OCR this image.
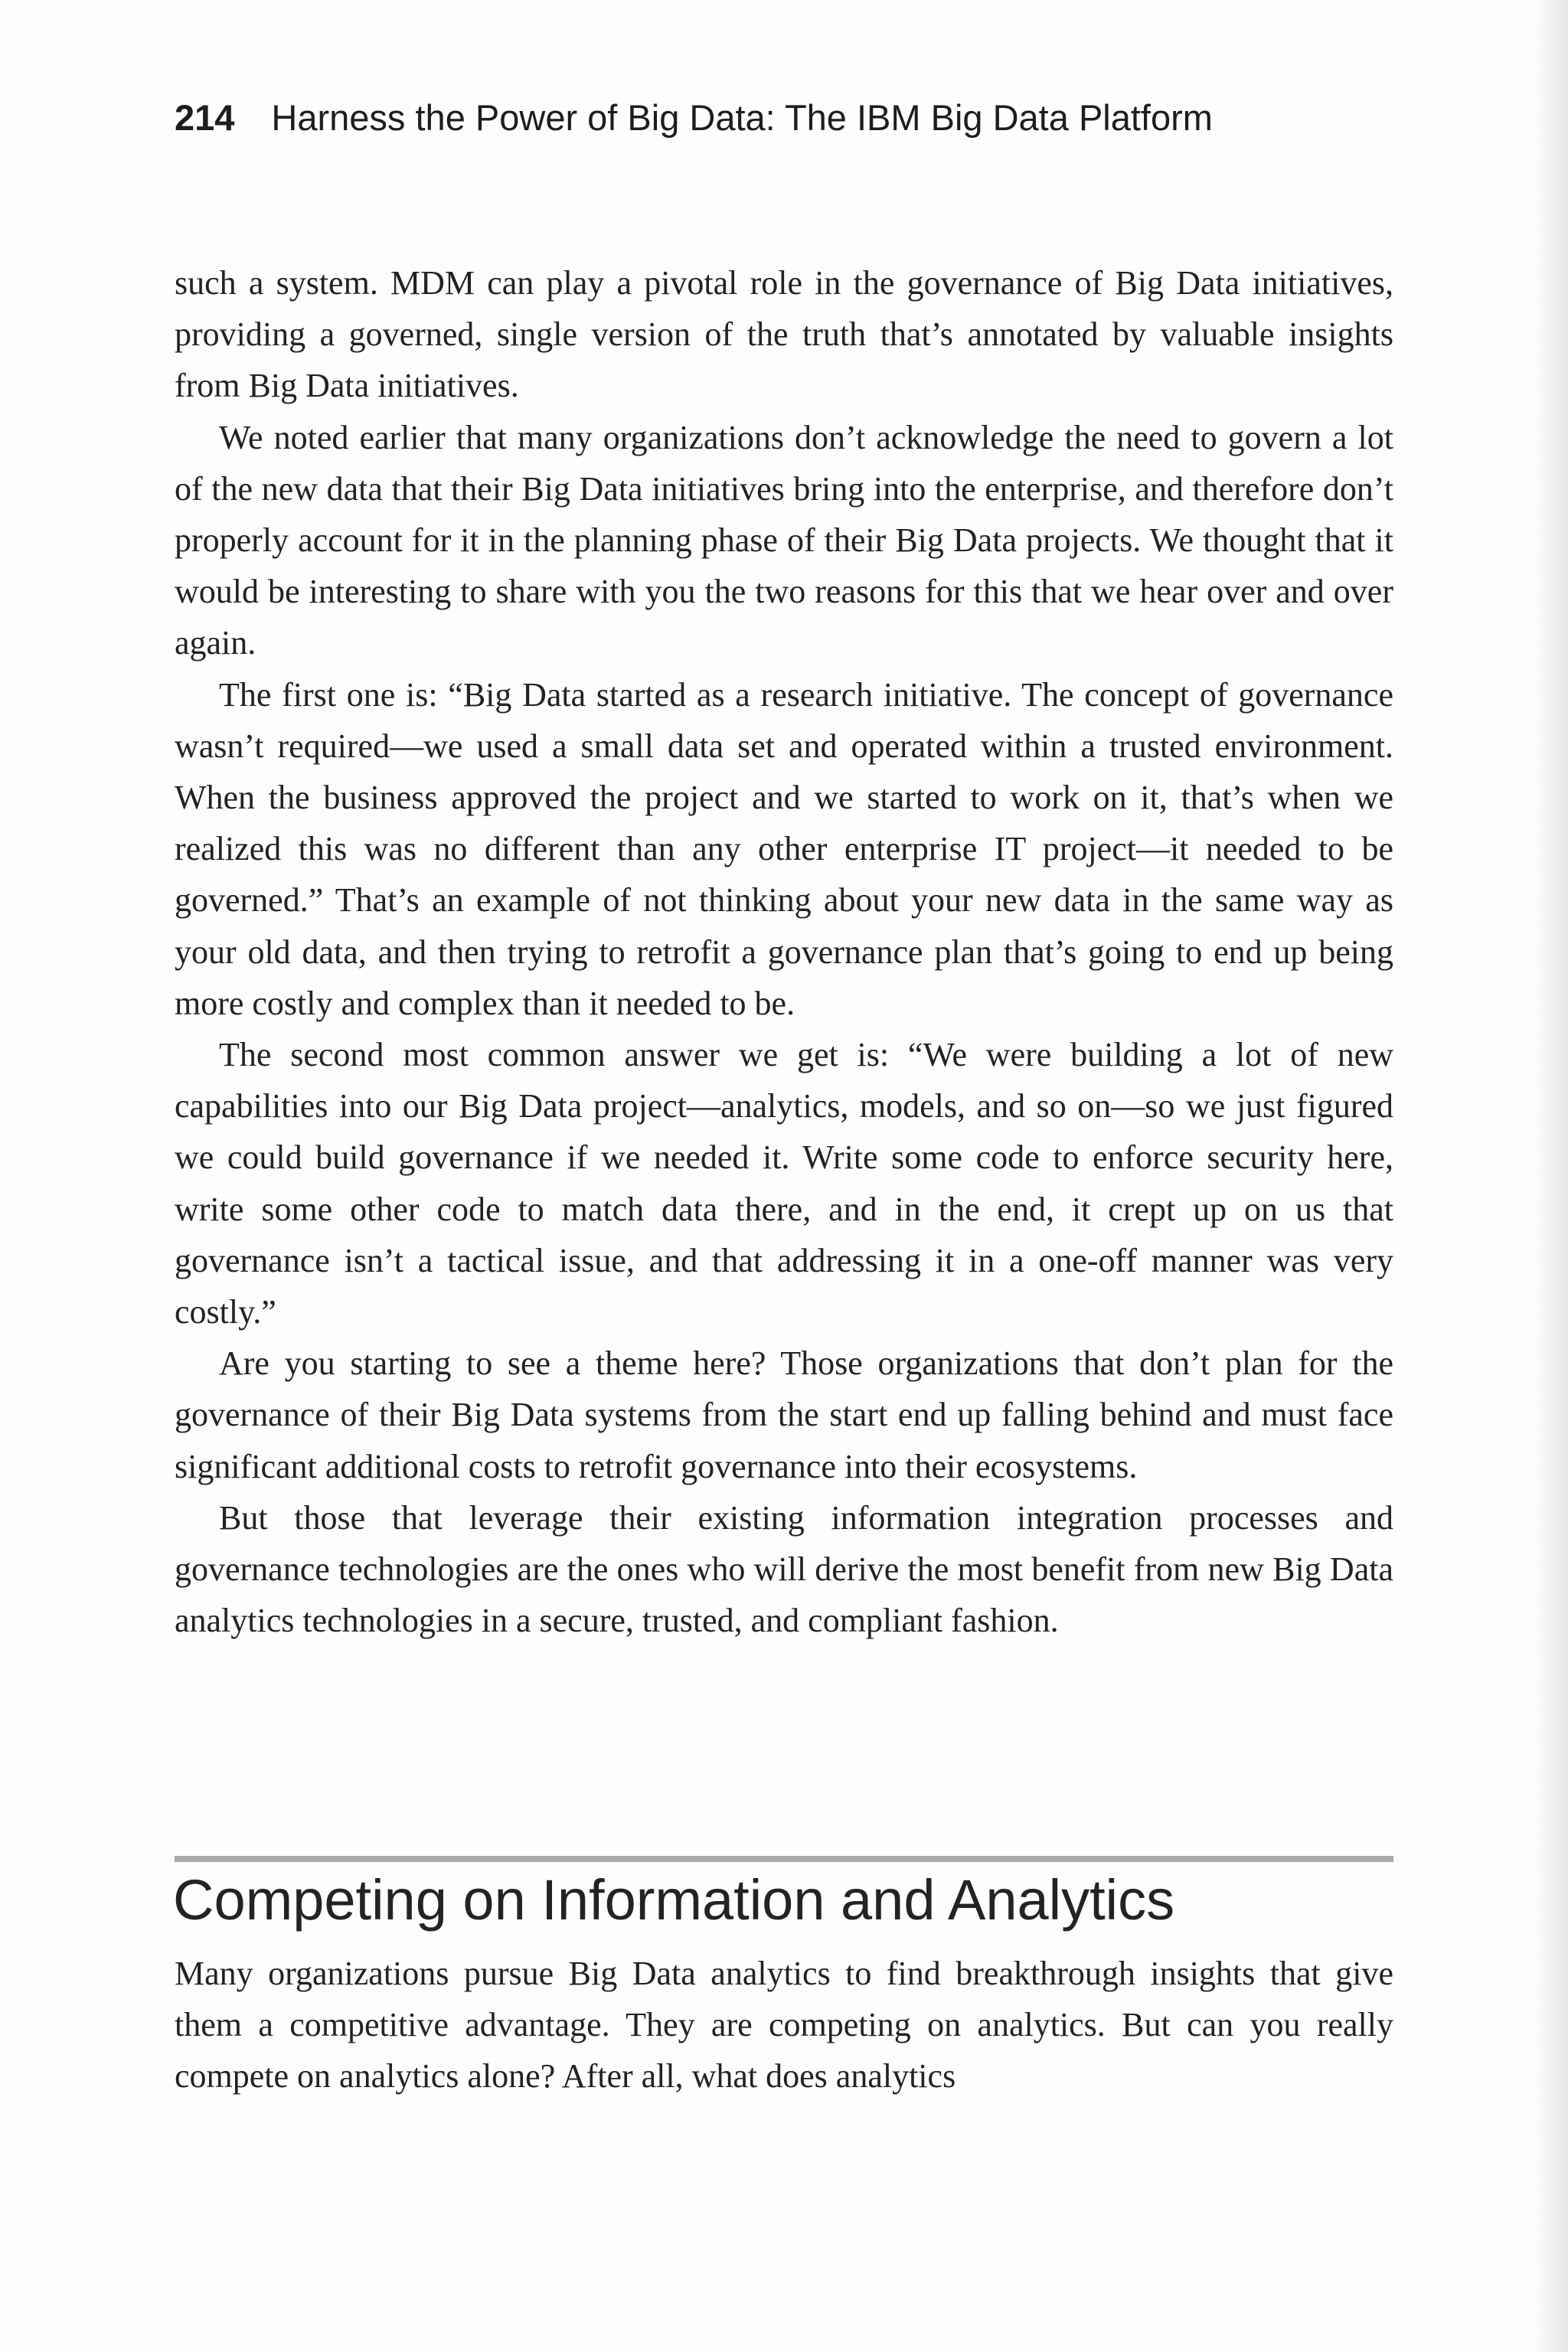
214 Harness the Power of Big Data: The IBM Big Data Platform

such a system. MDM can play a pivotal role in the governance of Big Data initiatives, providing a governed, single version of the truth that’s annotated by valuable insights from Big Data initiatives.

We noted earlier that many organizations don’t acknowledge the need to govern a lot of the new data that their Big Data initiatives bring into the enterprise, and therefore don’t properly account for it in the planning phase of their Big Data projects. We thought that it would be interesting to share with you the two reasons for this that we hear over and over again.

The first one is: “Big Data started as a research initiative. The concept of governance wasn’t required—we used a small data set and operated within a trusted environment. When the business approved the project and we started to work on it, that’s when we realized this was no different than any other enterprise IT project—it needed to be governed.” That’s an example of not thinking about your new data in the same way as your old data, and then trying to retrofit a governance plan that’s going to end up being more costly and complex than it needed to be.

The second most common answer we get is: “We were building a lot of new capabilities into our Big Data project—analytics, models, and so on—so we just figured we could build governance if we needed it. Write some code to enforce security here, write some other code to match data there, and in the end, it crept up on us that governance isn’t a tactical issue, and that addressing it in a one-off manner was very costly.”

Are you starting to see a theme here? Those organizations that don’t plan for the governance of their Big Data systems from the start end up falling behind and must face significant additional costs to retrofit governance into their ecosystems.

But those that leverage their existing information integration processes and governance technologies are the ones who will derive the most benefit from new Big Data analytics technologies in a secure, trusted, and compliant fashion.

Competing on Information and Analytics

Many organizations pursue Big Data analytics to find breakthrough insights that give them a competitive advantage. They are competing on analytics. But can you really compete on analytics alone? After all, what does analytics
